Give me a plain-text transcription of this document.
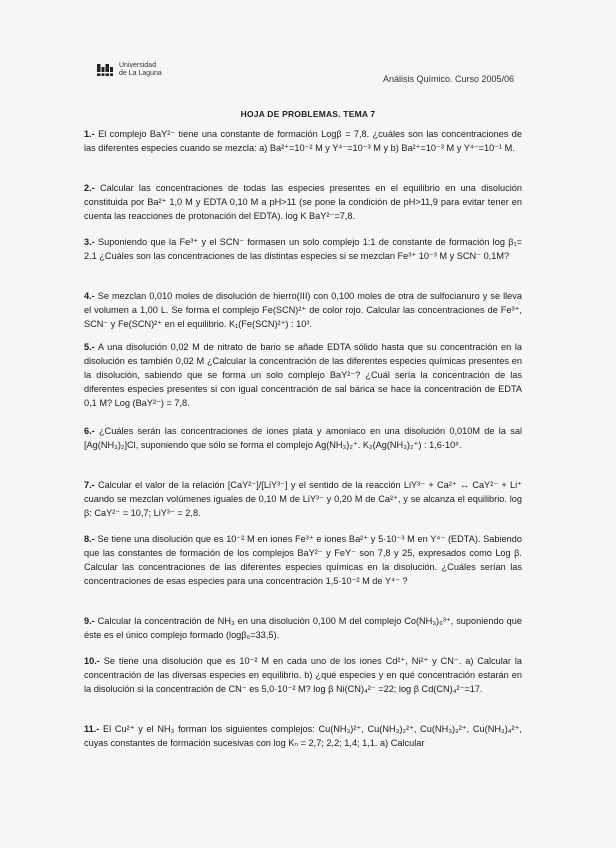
Universidad
de La Laguna
Análisis Químico. Curso 2005/06
HOJA DE PROBLEMAS. TEMA 7
1.- El complejo BaY²⁻ tiene una constante de formación Logβ = 7,8. ¿cuáles son las concentraciones de las diferentes especies cuando se mezcla: a) Ba²⁺=10⁻² M y Y⁴⁻=10⁻³ M y b) Ba²⁺=10⁻³ M y Y⁴⁻=10⁻¹ M.
2.- Calcular las concentraciones de todas las especies presentes en el equilibrio en una disolución constituida por Ba²⁺ 1,0 M y EDTA 0,10 M a pH>11 (se pone la condición de pH>11,9 para evitar tener en cuenta las reacciones de protonación del EDTA). log K BaY²⁻=7,8.
3.- Suponiendo que la Fe³⁺ y el SCN⁻ formasen un solo complejo 1:1 de constante de formación log β₁= 2.1 ¿Cuáles son las concentraciones de las distintas especies si se mezclan Fe³⁺ 10⁻³ M y SCN⁻ 0,1M?
4.- Se mezclan 0,010 moles de disolución de hierro(III) con 0,100 moles de otra de sulfocianuro y se lleva el volumen a 1,00 L. Se forma el complejo Fe(SCN)²⁺ de color rojo. Calcular las concentraciones de Fe³⁺, SCN⁻ y Fe(SCN)²⁺ en el equilibrio. K₁(Fe(SCN)²⁺) : 10³.
5.- A una disolución 0,02 M de nitrato de bario se añade EDTA sólido hasta que su concentración en la disolución es también 0,02 M ¿Calcular la concentración de las diferentes especies químicas presentes en la disolución, sabiendo que se forma un solo complejo BaY²⁻? ¿Cuál sería la concentración de las diferentes especies presentes si con igual concentración de sal bárica se hace la concentración de EDTA 0,1 M? Log (BaY²⁻) = 7,8.
6.- ¿Cuáles serán las concentraciones de iones plata y amoniaco en una disolución 0,010M de la sal [Ag(NH₃)₂]Cl, suponiendo que sólo se forma el complejo Ag(NH₃)₂⁺. K₂(Ag(NH₃)₂⁺) : 1,6·10⁸.
7.- Calcular el valor de la relación [CaY²⁻]/[LiY³⁻] y el sentido de la reacción LiY³⁻ + Ca²⁺ ↔ CaY²⁻ + Li⁺ cuando se mezclan volúmenes iguales de 0,10 M de LiY³⁻ y 0,20 M de Ca²⁺, y se alcanza el equilibrio. log β: CaY²⁻ = 10,7; LiY³⁻ = 2,8.
8.- Se tiene una disolución que es 10⁻² M en iones Fe³⁺ e iones Ba²⁺ y 5·10⁻³ M en Y⁴⁻ (EDTA). Sabiendo que las constantes de formación de los complejos BaY²⁻ y FeY⁻ son 7,8 y 25, expresados como Log β. Calcular las concentraciones de las diferentes especies químicas en la disolución. ¿Cuáles serían las concentraciones de esas especies para una concentración 1,5·10⁻² M de Y⁴⁻ ?
9.- Calcular la concentración de NH₃ en una disolución 0,100 M del complejo Co(NH₃)₆³⁺, suponiendo que éste es el único complejo formado (logβ₆=33,5).
10.- Se tiene una disolución que es 10⁻² M en cada uno de los iones Cd²⁺, Ni²⁺ y CN⁻. a) Calcular la concentración de las diversas especies en equilibrio. b) ¿qué especies y en qué concentración estarán en la disolución si la concentración de CN⁻ es 5,0·10⁻² M? log β Ni(CN)₄²⁻ =22; log β Cd(CN)₄²⁻=17.
11.- El Cu²⁺ y el NH₃ forman los siguientes complejos: Cu(NH₃)²⁺, Cu(NH₃)₂²⁺, Cu(NH₃)₃²⁺, Cu(NH₃)₄²⁺, cuyas constantes de formación sucesivas con log Kₙ = 2,7; 2,2; 1,4; 1,1. a) Calcular
